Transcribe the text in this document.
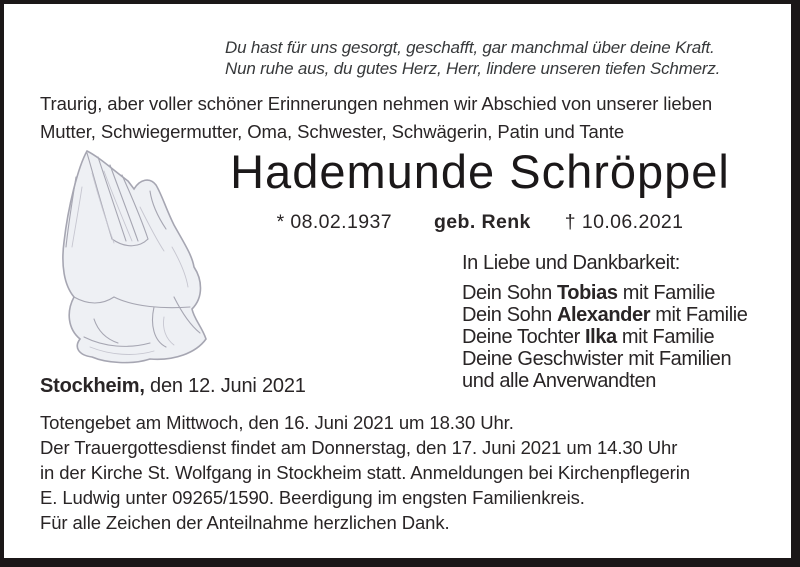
Du hast für uns gesorgt, geschafft, gar manchmal über deine Kraft.
Nun ruhe aus, du gutes Herz, Herr, lindere unseren tiefen Schmerz.
Traurig, aber voller schöner Erinnerungen nehmen wir Abschied von unserer lieben
Mutter, Schwiegermutter, Oma, Schwester, Schwägerin, Patin und Tante
Hademunde Schröppel
* 08.02.1937 geb. Renk † 10.06.2021
In Liebe und Dankbarkeit:
Dein Sohn Tobias mit Familie
Dein Sohn Alexander mit Familie
Deine Tochter Ilka mit Familie
Deine Geschwister mit Familien
und alle Anverwandten
Stockheim, den 12. Juni 2021
Totengebet am Mittwoch, den 16. Juni 2021 um 18.30 Uhr.
Der Trauergottesdienst findet am Donnerstag, den 17. Juni 2021 um 14.30 Uhr
in der Kirche St. Wolfgang in Stockheim statt. Anmeldungen bei Kirchenpflegerin
E. Ludwig unter 09265/1590. Beerdigung im engsten Familienkreis.
Für alle Zeichen der Anteilnahme herzlichen Dank.
